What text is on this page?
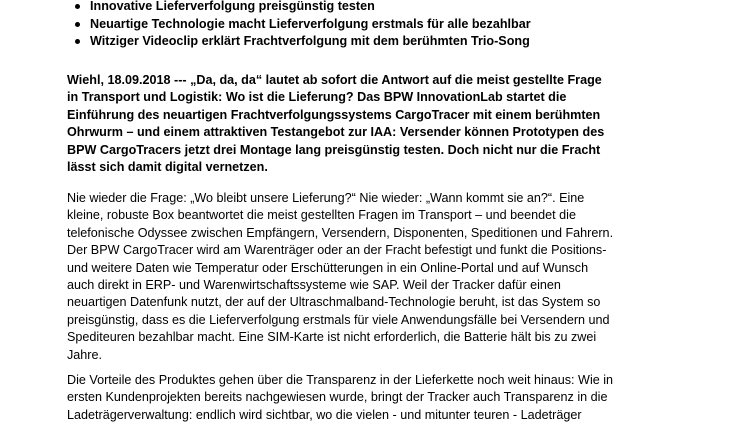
Innovative Lieferverfolgung preisgünstig testen
Neuartige Technologie macht Lieferverfolgung erstmals für alle bezahlbar
Witziger Videoclip erklärt Frachtverfolgung mit dem berühmten Trio-Song
Wiehl, 18.09.2018 --- „Da, da, da“ lautet ab sofort die Antwort auf die meist gestellte Frage
in Transport und Logistik: Wo ist die Lieferung? Das BPW InnovationLab startet die
Einführung des neuartigen Frachtverfolgungssystems CargoTracer mit einem berühmten
Ohrwurm – und einem attraktiven Testangebot zur IAA: Versender können Prototypen des
BPW CargoTracers jetzt drei Montage lang preisgünstig testen. Doch nicht nur die Fracht
lässt sich damit digital vernetzen.
Nie wieder die Frage: „Wo bleibt unsere Lieferung?“ Nie wieder: „Wann kommt sie an?“. Eine
kleine, robuste Box beantwortet die meist gestellten Fragen im Transport – und beendet die
telefonische Odyssee zwischen Empfängern, Versendern, Disponenten, Speditionen und Fahrern.
Der BPW CargoTracer wird am Warenträger oder an der Fracht befestigt und funkt die Positions-
und weitere Daten wie Temperatur oder Erschütterungen in ein Online-Portal und auf Wunsch
auch direkt in ERP- und Warenwirtschaftssysteme wie SAP. Weil der Tracker dafür einen
neuartigen Datenfunk nutzt, der auf der Ultraschmalband-Technologie beruht, ist das System so
preisgünstig, dass es die Lieferverfolgung erstmals für viele Anwendungsfälle bei Versendern und
Spediteuren bezahlbar macht. Eine SIM-Karte ist nicht erforderlich, die Batterie hält bis zu zwei
Jahre.
Die Vorteile des Produktes gehen über die Transparenz in der Lieferkette noch weit hinaus: Wie in
ersten Kundenprojekten bereits nachgewiesen wurde, bringt der Tracker auch Transparenz in die
Ladeträgerverwaltung: endlich wird sichtbar, wo die vielen - und mitunter teuren - Ladeträger
